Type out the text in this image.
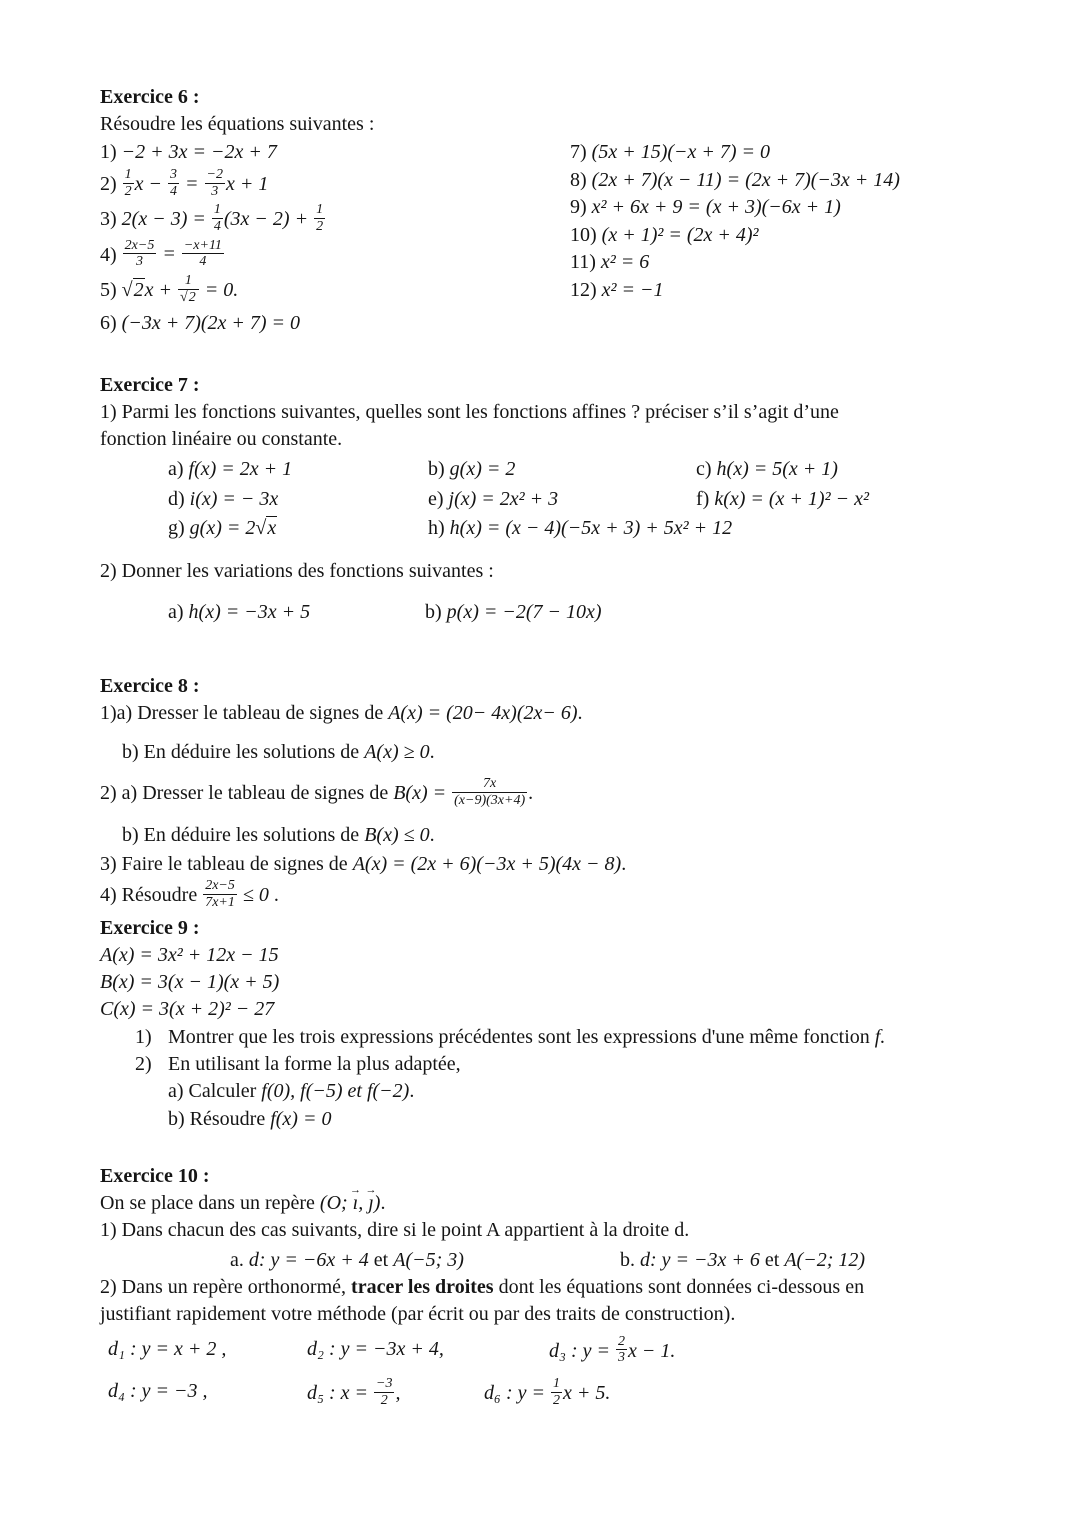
Exercice 6 :
Résoudre les équations suivantes :
1) −2 + 3x = −2x + 7
$2) \frac{1}{2}$ $x - \frac{3}{4} = \frac{-2}{3}$ x + 1
3) $2(x - 3) = \frac{1}{4} (3x - 2) + \frac{1}{2}$
$4) \frac{2x-5}{3} = \frac{-x+11}{4}$
5) $√2x + \frac{1}{√2} = 0$.
6) (−3x + 7)(2x + 7) = 0
7) (5x + 15)(−x + 7) = 0
8) (2x + 7)(x − 11) = (2x + 7)(−3x + 14)
9) x² + 6x + 9 = (x + 3)(−6x + 1)
10) (x + 1)² = (2x + 4)²
11) x² = 6
12) x² = −1
Exercice 7 :
1) Parmi les fonctions suivantes, quelles sont les fonctions affines ? préciser s’il s’agit d’une
fonction linéaire ou constante.
a) f(x) = 2x + 1	b) g(x) = 2	c) h(x) = 5(x + 1)
d) i(x) = − 3x	e) j(x) = 2x² + 3	f) k(x) = (x + 1)² − x²
g) g(x) = 2√x	h) h(x) = (x − 4)(−5x + 3) + 5x² + 12
2) Donner les variations des fonctions suivantes :
a) h(x) = −3x + 5	b) p(x) = −2(7 − 10x)
Exercice 8 :
1)a) Dresser le tableau de signes de A(x) = (20− 4x)(2x− 6).
b) En déduire les solutions de A(x) ≥ 0.
2) a) Dresser le tableau de signes de $B(x) = \frac{7x}{(x-9)(3x+4)}$ .
b) En déduire les solutions de B(x) ≤ 0.
3) Faire le tableau de signes de A(x) = (2x + 6)(−3x + 5)(4x − 8).
4) Résoudre $\frac{2x-5}{7x+1} \le 0$ .
Exercice 9 :
A(x) = 3x² + 12x − 15
B(x) = 3(x − 1)(x + 5)
C(x) = 3(x + 2)² − 27
1) Montrer que les trois expressions précédentes sont les expressions d'une même fonction f.
2) En utilisant la forme la plus adaptée,
a) Calculer f(0), f(−5) et f(−2).
b) Résoudre f(x) = 0
Exercice 10 :
On se place dans un repère (O; ı →, ȷ →).
1) Dans chacun des cas suivants, dire si le point A appartient à la droite d.
a. d: y = −6x + 4 et A(−5; 3)	b. d: y = −3x + 6 et A(−2; 12)
2) Dans un repère orthonormé, tracer les droites dont les équations sont données ci-dessous en
justifiant rapidement votre méthode (par écrit ou par des traits de construction).
d₁ : y = x + 2 ,	d₂ : y = −3x + 4,	d₃ : $y = \frac{2}{3}$ x − 1.
d₄ : y = −3 ,	d₅ : $x = \frac{-3}{2}$ ,	d₆ : $y = \frac{1}{2}$ x + 5.
